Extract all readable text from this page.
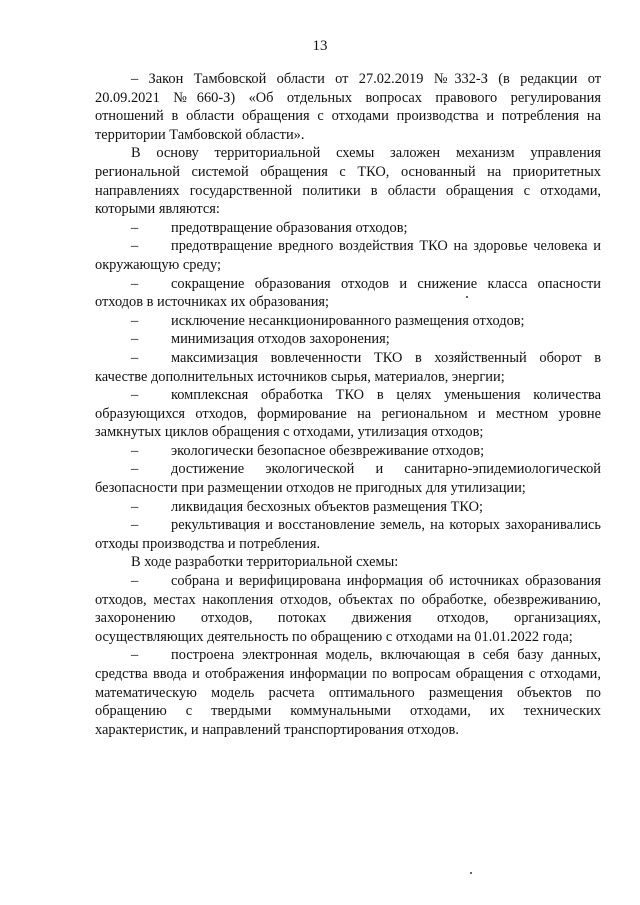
13

– Закон Тамбовской области от 27.02.2019 №332-З (в редакции от 20.09.2021 №660-З) «Об отдельных вопросах правового регулирования отношений в области обращения с отходами производства и потребления на территории Тамбовской области».

В основу территориальной схемы заложен механизм управления региональной системой обращения с ТКО, основанный на приоритетных направлениях государственной политики в области обращения с отходами, которыми являются:

– предотвращение образования отходов;

– предотвращение вредного воздействия ТКО на здоровье человека и окружающую среду;

– сокращение образования отходов и снижение класса опасности отходов в источниках их образования;

– исключение несанкционированного размещения отходов;

– минимизация отходов захоронения;

– максимизация вовлеченности ТКО в хозяйственный оборот в качестве дополнительных источников сырья, материалов, энергии;

– комплексная обработка ТКО в целях уменьшения количества образующихся отходов, формирование на региональном и местном уровне замкнутых циклов обращения с отходами, утилизация отходов;

– экологически безопасное обезвреживание отходов;

– достижение экологической и санитарно-эпидемиологической безопасности при размещении отходов не пригодных для утилизации;

– ликвидация бесхозных объектов размещения ТКО;

– рекультивация и восстановление земель, на которых захоранивались отходы производства и потребления.

В ходе разработки территориальной схемы:

– собрана и верифицирована информация об источниках образования отходов, местах накопления отходов, объектах по обработке, обезвреживанию, захоронению отходов, потоках движения отходов, организациях, осуществляющих деятельность по обращению с отходами на 01.01.2022 года;

– построена электронная модель, включающая в себя базу данных, средства ввода и отображения информации по вопросам обращения с отходами, математическую модель расчета оптимального размещения объектов по обращению с твердыми коммунальными отходами, их технических характеристик, и направлений транспортирования отходов.
